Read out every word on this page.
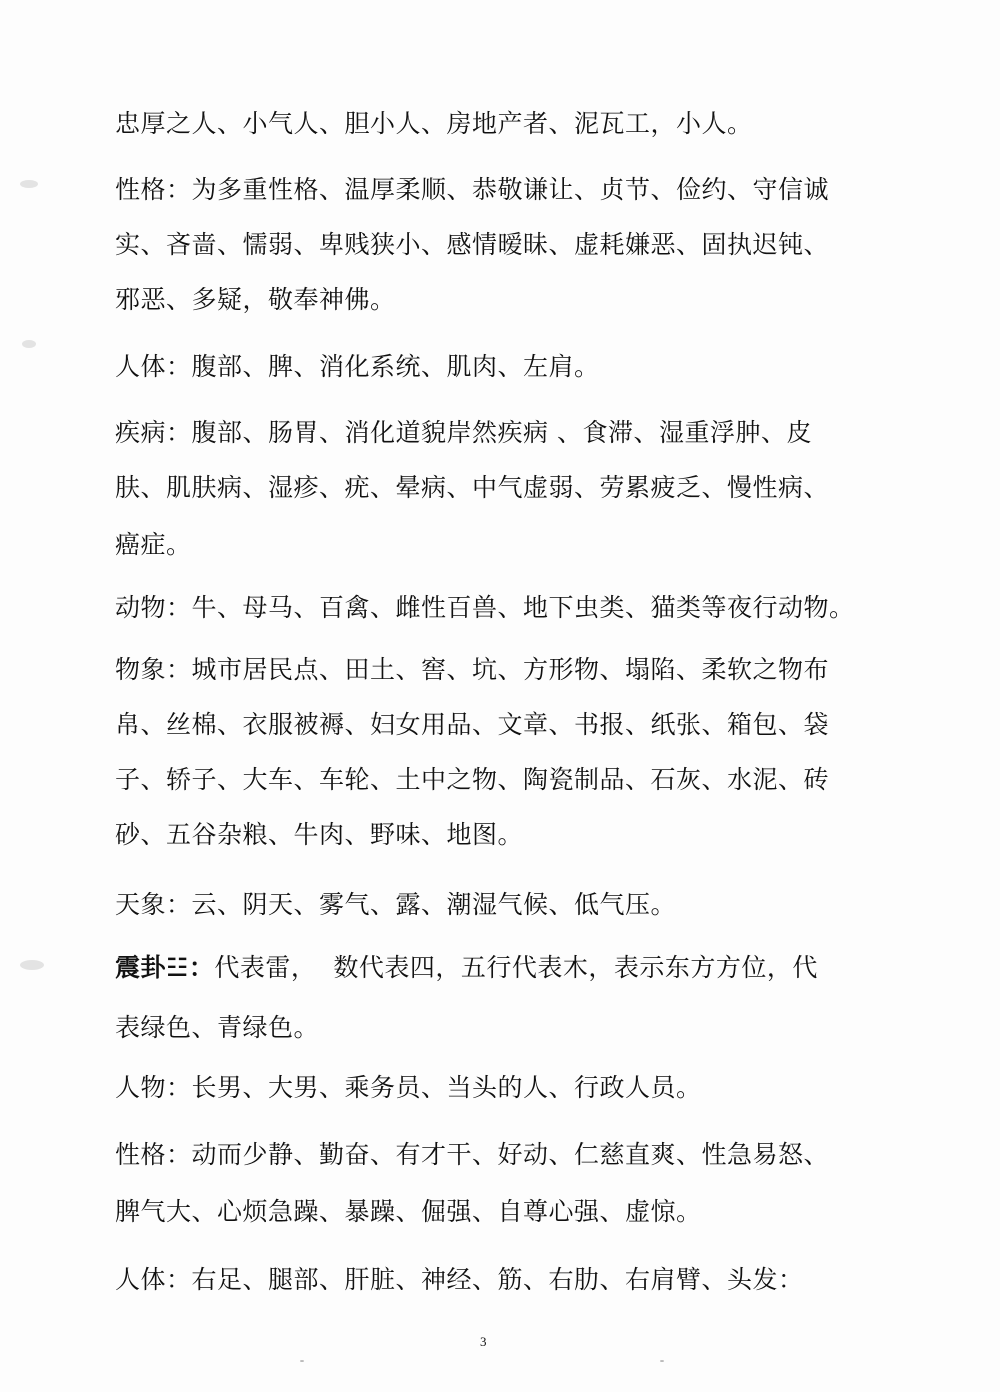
忠厚之人、小气人、胆小人、房地产者、泥瓦工，小人。
性格：为多重性格、温厚柔顺、恭敬谦让、贞节、俭约、守信诚
实、吝啬、懦弱、卑贱狭小、感情暧昧、虚耗嫌恶、固执迟钝、
邪恶、多疑，敬奉神佛。
人体：腹部、脾、消化系统、肌肉、左肩。
疾病：腹部、肠胃、消化道貌岸然疾病 、食滞、湿重浮肿、皮
肤、肌肤病、湿疹、疣、晕病、中气虚弱、劳累疲乏、慢性病、
癌症。
动物：牛、母马、百禽、雌性百兽、地下虫类、猫类等夜行动物。
物象：城市居民点、田土、窖、坑、方形物、塌陷、柔软之物布
帛、丝棉、衣服被褥、妇女用品、文章、书报、纸张、箱包、袋
子、轿子、大车、车轮、土中之物、陶瓷制品、石灰、水泥、砖
砂、五谷杂粮、牛肉、野味、地图。
天象：云、阴天、雾气、露、潮湿气候、低气压。
震卦☳：代表雷，  数代表四，五行代表木，表示东方方位，代
表绿色、青绿色。
人物：长男、大男、乘务员、当头的人、行政人员。
性格：动而少静、勤奋、有才干、好动、仁慈直爽、性急易怒、
脾气大、心烦急躁、暴躁、倔强、自尊心强、虚惊。
人体：右足、腿部、肝脏、神经、筋、右肋、右肩臂、头发：
3
